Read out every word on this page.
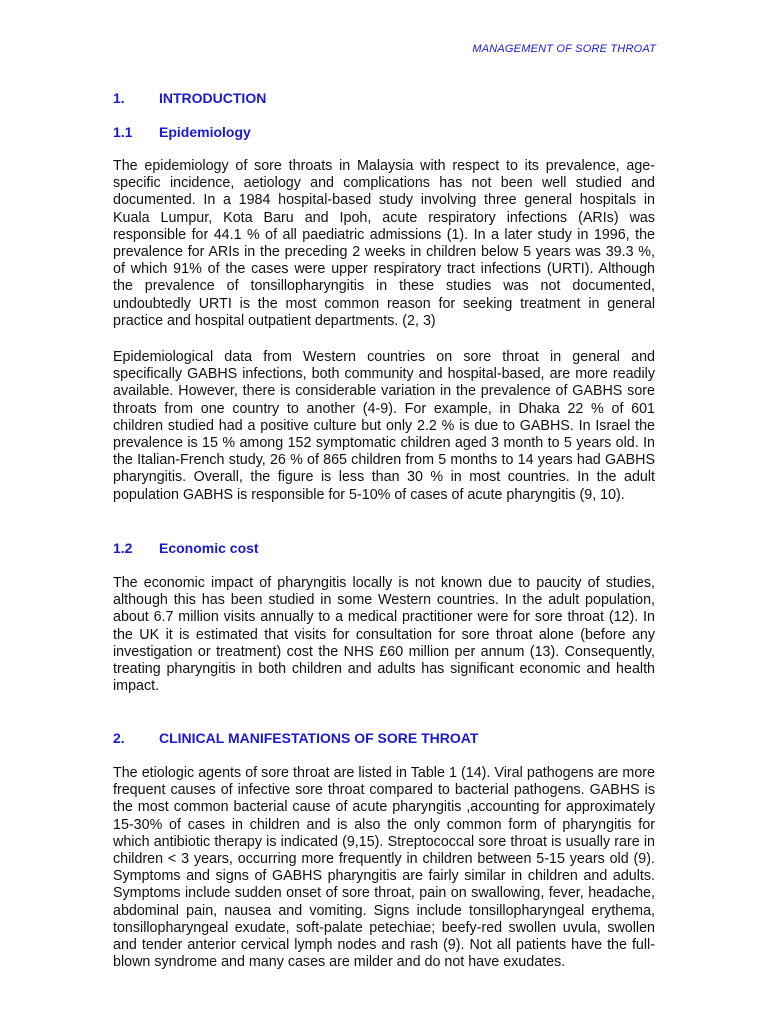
MANAGEMENT OF SORE THROAT
1. INTRODUCTION
1.1 Epidemiology

The epidemiology of sore throats in Malaysia with respect to its prevalence, age-specific incidence, aetiology and complications has not been well studied and documented. In a 1984 hospital-based study involving three general hospitals in Kuala Lumpur, Kota Baru and Ipoh, acute respiratory infections (ARIs) was responsible for 44.1 % of all paediatric admissions (1). In a later study in 1996, the prevalence for ARIs in the preceding 2 weeks in children below 5 years was 39.3 %, of which 91% of the cases were upper respiratory tract infections (URTI). Although the prevalence of tonsillopharyngitis in these studies was not documented, undoubtedly URTI is the most common reason for seeking treatment in general practice and hospital outpatient departments. (2, 3)

Epidemiological data from Western countries on sore throat in general and specifically GABHS infections, both community and hospital-based, are more readily available. However, there is considerable variation in the prevalence of GABHS sore throats from one country to another (4-9). For example, in Dhaka 22 % of 601 children studied had a positive culture but only 2.2 % is due to GABHS. In Israel the prevalence is 15 % among 152 symptomatic children aged 3 month to 5 years old. In the Italian-French study, 26 % of 865 children from 5 months to 14 years had GABHS pharyngitis. Overall, the figure is less than 30 % in most countries. In the adult population GABHS is responsible for 5-10% of cases of acute pharyngitis (9, 10).

1.2 Economic cost

The economic impact of pharyngitis locally is not known due to paucity of studies, although this has been studied in some Western countries. In the adult population, about 6.7 million visits annually to a medical practitioner were for sore throat (12). In the UK it is estimated that visits for consultation for sore throat alone (before any investigation or treatment) cost the NHS £60 million per annum (13). Consequently, treating pharyngitis in both children and adults has significant economic and health impact.

2. CLINICAL MANIFESTATIONS OF SORE THROAT

The etiologic agents of sore throat are listed in Table 1 (14). Viral pathogens are more frequent causes of infective sore throat compared to bacterial pathogens. GABHS is the most common bacterial cause of acute pharyngitis ,accounting for approximately 15-30% of cases in children and is also the only common form of pharyngitis for which antibiotic therapy is indicated (9,15). Streptococcal sore throat is usually rare in children < 3 years, occurring more frequently in children between 5-15 years old (9). Symptoms and signs of GABHS pharyngitis are fairly similar in children and adults. Symptoms include sudden onset of sore throat, pain on swallowing, fever, headache, abdominal pain, nausea and vomiting. Signs include tonsillopharyngeal erythema, tonsillopharyngeal exudate, soft-palate petechiae; beefy-red swollen uvula, swollen and tender anterior cervical lymph nodes and rash (9). Not all patients have the full-blown syndrome and many cases are milder and do not have exudates.
